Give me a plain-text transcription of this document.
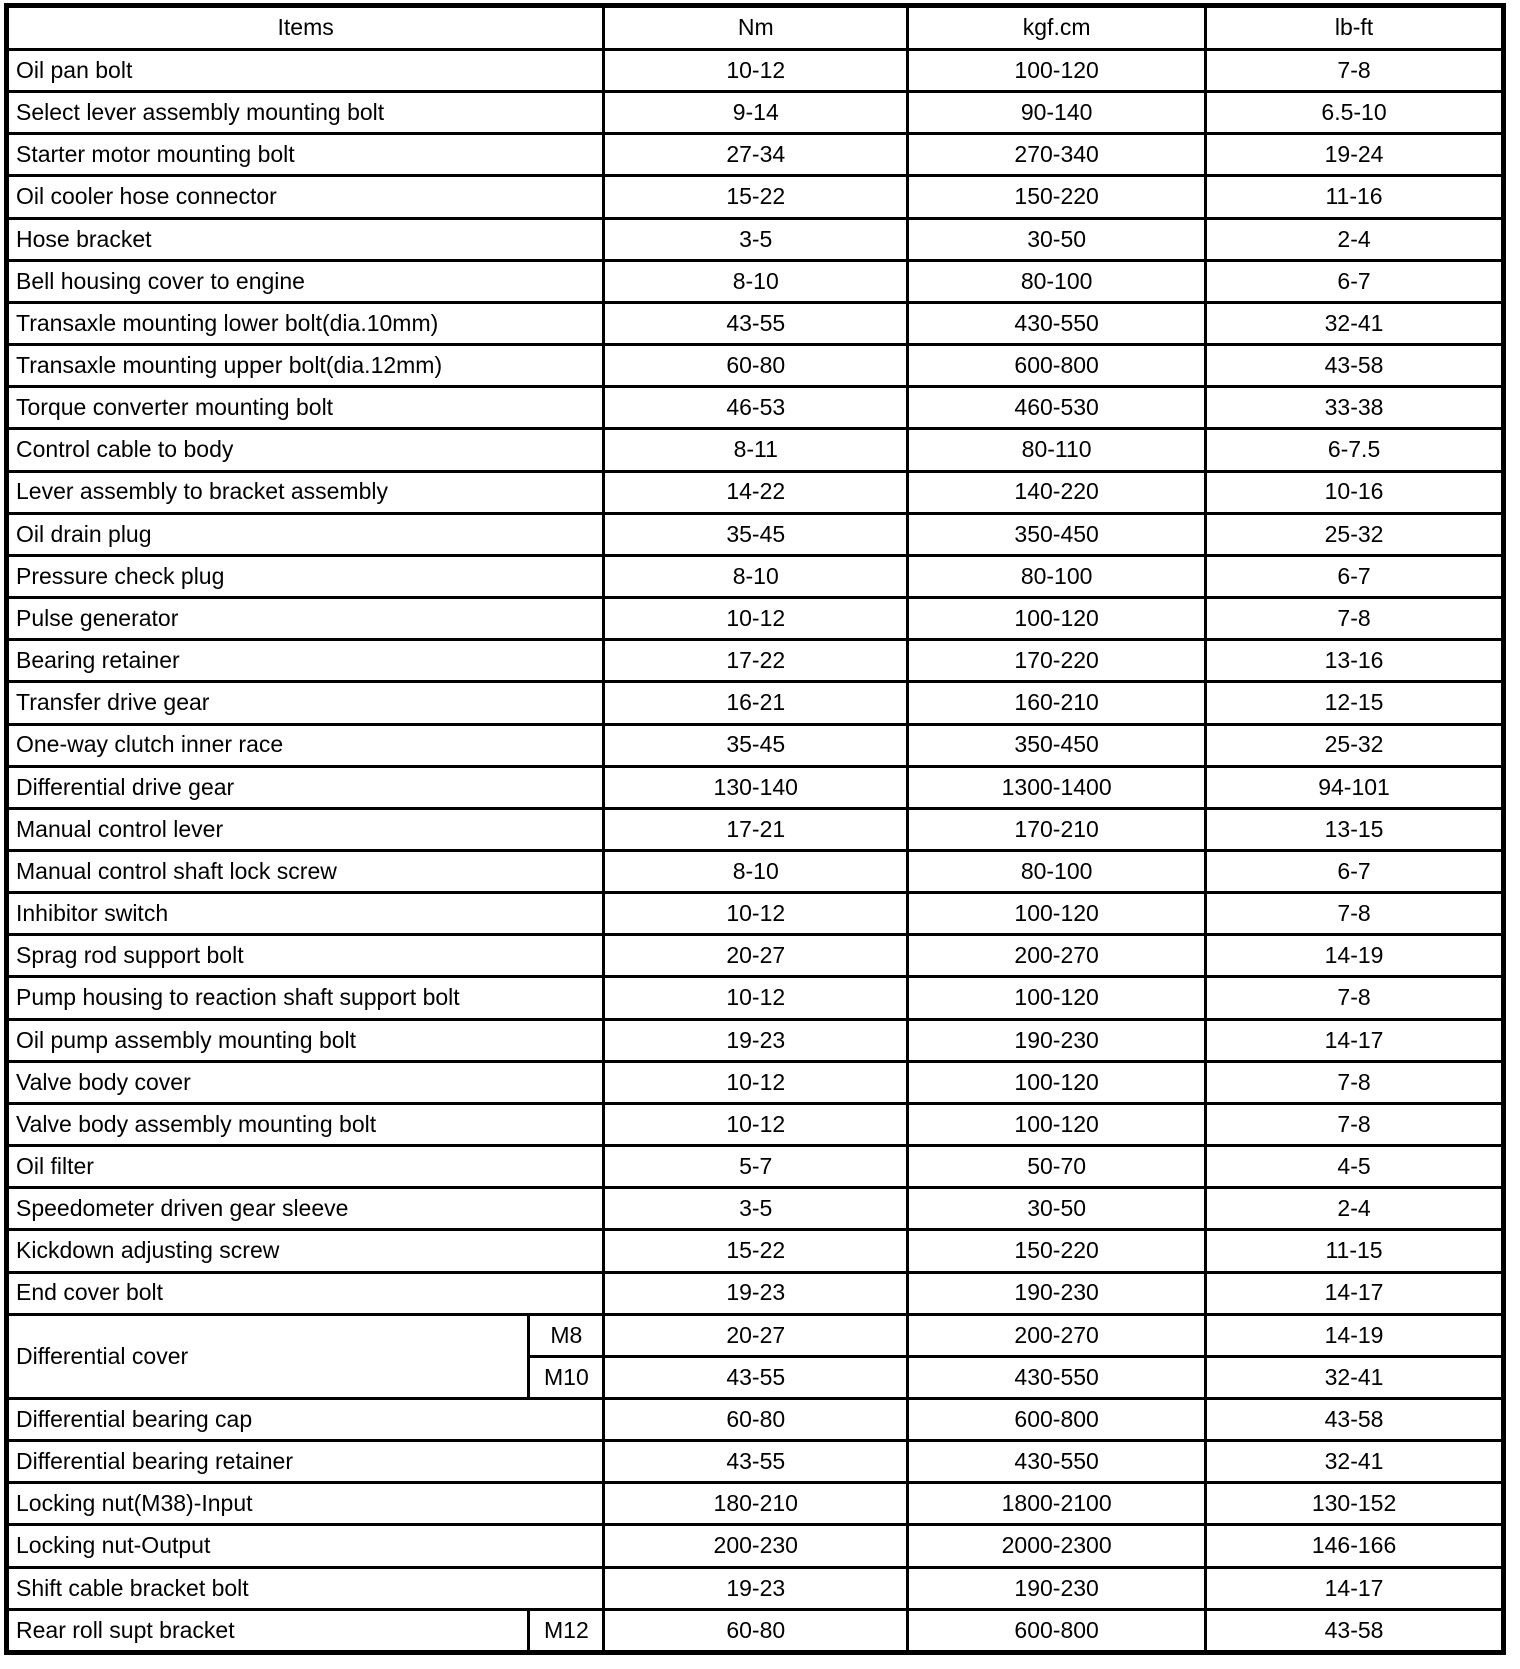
Items		Nm	kgf.cm	lb-ft
Oil pan bolt		10-12	100-120	7-8
Select lever assembly mounting bolt		9-14	90-140	6.5-10
Starter motor mounting bolt		27-34	270-340	19-24
Oil cooler hose connector		15-22	150-220	11-16
Hose bracket		3-5	30-50	2-4
Bell housing cover to engine		8-10	80-100	6-7
Transaxle mounting lower bolt(dia.10mm)		43-55	430-550	32-41
Transaxle mounting upper bolt(dia.12mm)		60-80	600-800	43-58
Torque converter mounting bolt		46-53	460-530	33-38
Control cable to body		8-11	80-110	6-7.5
Lever assembly to bracket assembly		14-22	140-220	10-16
Oil drain plug		35-45	350-450	25-32
Pressure check plug		8-10	80-100	6-7
Pulse generator		10-12	100-120	7-8
Bearing retainer		17-22	170-220	13-16
Transfer drive gear		16-21	160-210	12-15
One-way clutch inner race		35-45	350-450	25-32
Differential drive gear		130-140	1300-1400	94-101
Manual control lever		17-21	170-210	13-15
Manual control shaft lock screw		8-10	80-100	6-7
Inhibitor switch		10-12	100-120	7-8
Sprag rod support bolt		20-27	200-270	14-19
Pump housing to reaction shaft support bolt		10-12	100-120	7-8
Oil pump assembly mounting bolt		19-23	190-230	14-17
Valve body cover		10-12	100-120	7-8
Valve body assembly mounting bolt		10-12	100-120	7-8
Oil filter		5-7	50-70	4-5
Speedometer driven gear sleeve		3-5	30-50	2-4
Kickdown adjusting screw		15-22	150-220	11-15
End cover bolt		19-23	190-230	14-17
Differential cover	M8	20-27	200-270	14-19
	M10	43-55	430-550	32-41
Differential bearing cap		60-80	600-800	43-58
Differential bearing retainer		43-55	430-550	32-41
Locking nut(M38)-Input		180-210	1800-2100	130-152
Locking nut-Output		200-230	2000-2300	146-166
Shift cable bracket bolt		19-23	190-230	14-17
Rear roll supt bracket	M12	60-80	600-800	43-58
